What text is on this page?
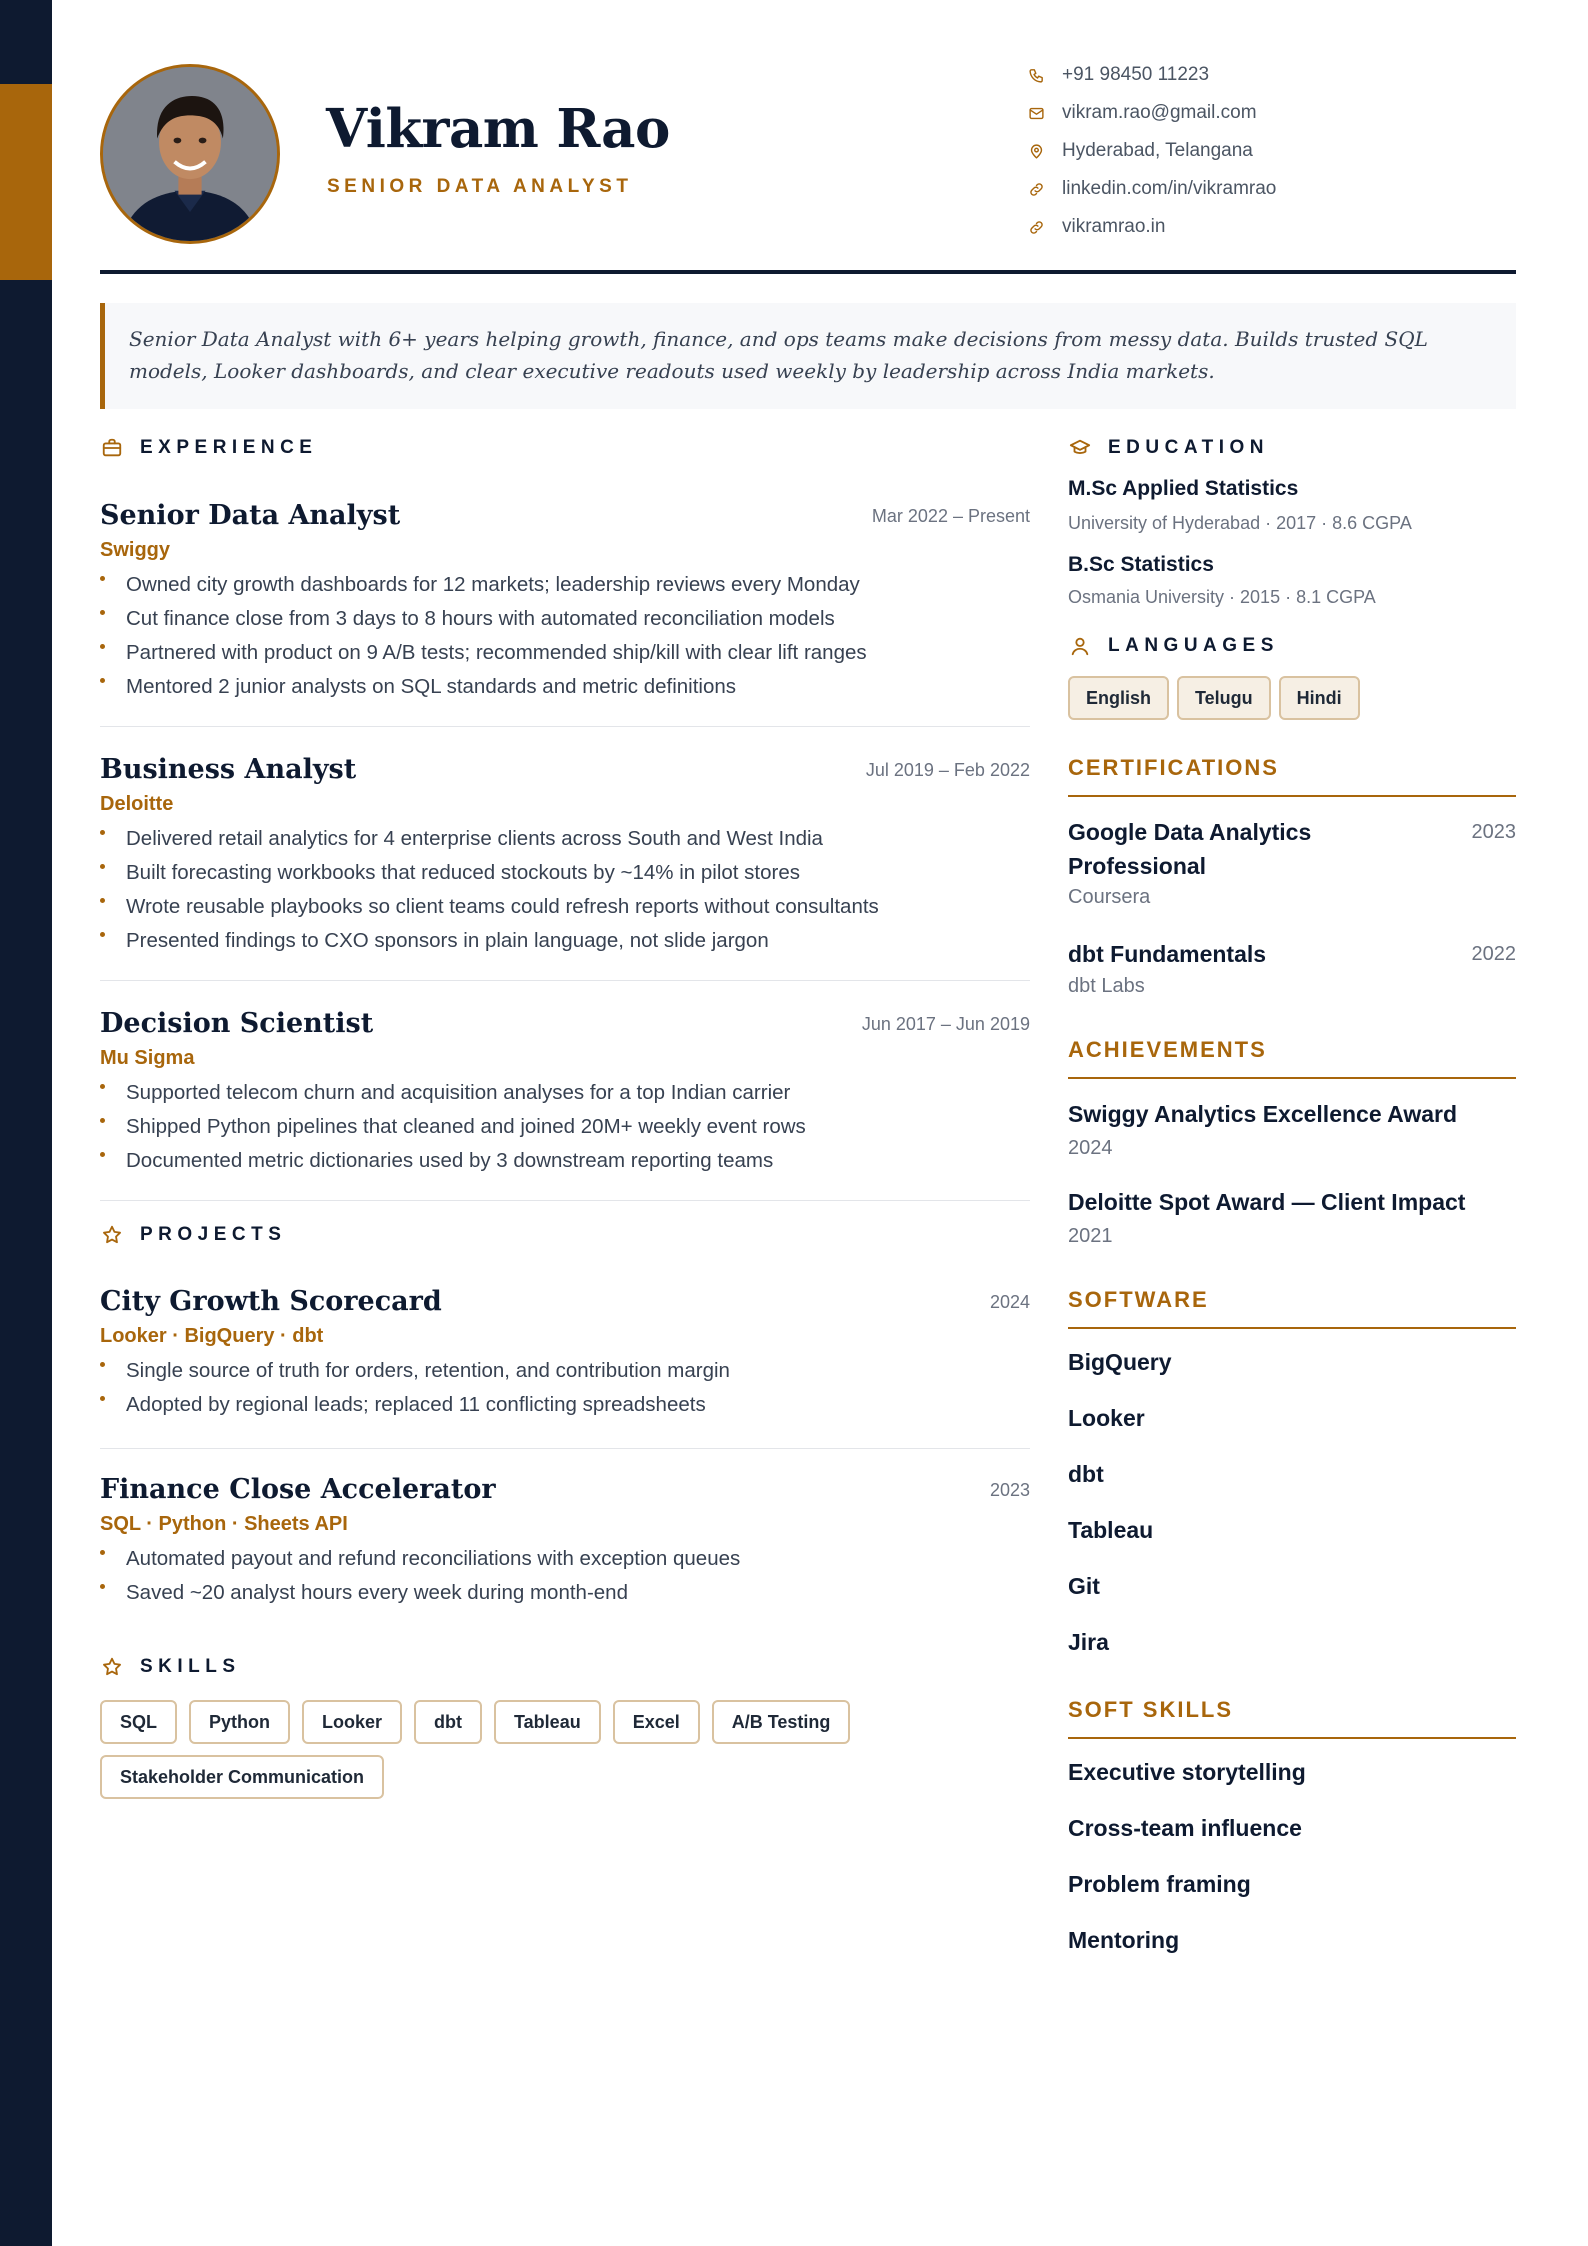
Vikram Rao
SENIOR DATA ANALYST
+91 98450 11223
vikram.rao@gmail.com
Hyderabad, Telangana
linkedin.com/in/vikramrao
vikramrao.in

Senior Data Analyst with 6+ years helping growth, finance, and ops teams make decisions from messy data. Builds trusted SQL models, Looker dashboards, and clear executive readouts used weekly by leadership across India markets.

EXPERIENCE
Senior Data Analyst	Mar 2022 – Present
Swiggy
Owned city growth dashboards for 12 markets; leadership reviews every Monday
Cut finance close from 3 days to 8 hours with automated reconciliation models
Partnered with product on 9 A/B tests; recommended ship/kill with clear lift ranges
Mentored 2 junior analysts on SQL standards and metric definitions
Business Analyst	Jul 2019 – Feb 2022
Deloitte
Delivered retail analytics for 4 enterprise clients across South and West India
Built forecasting workbooks that reduced stockouts by ~14% in pilot stores
Wrote reusable playbooks so client teams could refresh reports without consultants
Presented findings to CXO sponsors in plain language, not slide jargon
Decision Scientist	Jun 2017 – Jun 2019
Mu Sigma
Supported telecom churn and acquisition analyses for a top Indian carrier
Shipped Python pipelines that cleaned and joined 20M+ weekly event rows
Documented metric dictionaries used by 3 downstream reporting teams
PROJECTS
City Growth Scorecard	2024
Looker · BigQuery · dbt
Single source of truth for orders, retention, and contribution margin
Adopted by regional leads; replaced 11 conflicting spreadsheets
Finance Close Accelerator	2023
SQL · Python · Sheets API
Automated payout and refund reconciliations with exception queues
Saved ~20 analyst hours every week during month-end
SKILLS
SQL	Python	Looker	dbt	Tableau	Excel	A/B Testing
Stakeholder Communication
EDUCATION
M.Sc Applied Statistics
University of Hyderabad · 2017 · 8.6 CGPA
B.Sc Statistics
Osmania University · 2015 · 8.1 CGPA
LANGUAGES
English	Telugu	Hindi
CERTIFICATIONS
Google Data Analytics Professional
2023
Coursera
dbt Fundamentals	2022
dbt Labs
ACHIEVEMENTS
Swiggy Analytics Excellence Award
2024
Deloitte Spot Award — Client Impact
2021
SOFTWARE
BigQuery
Looker
dbt
Tableau
Git
Jira
SOFT SKILLS
Executive storytelling
Cross-team influence
Problem framing
Mentoring
